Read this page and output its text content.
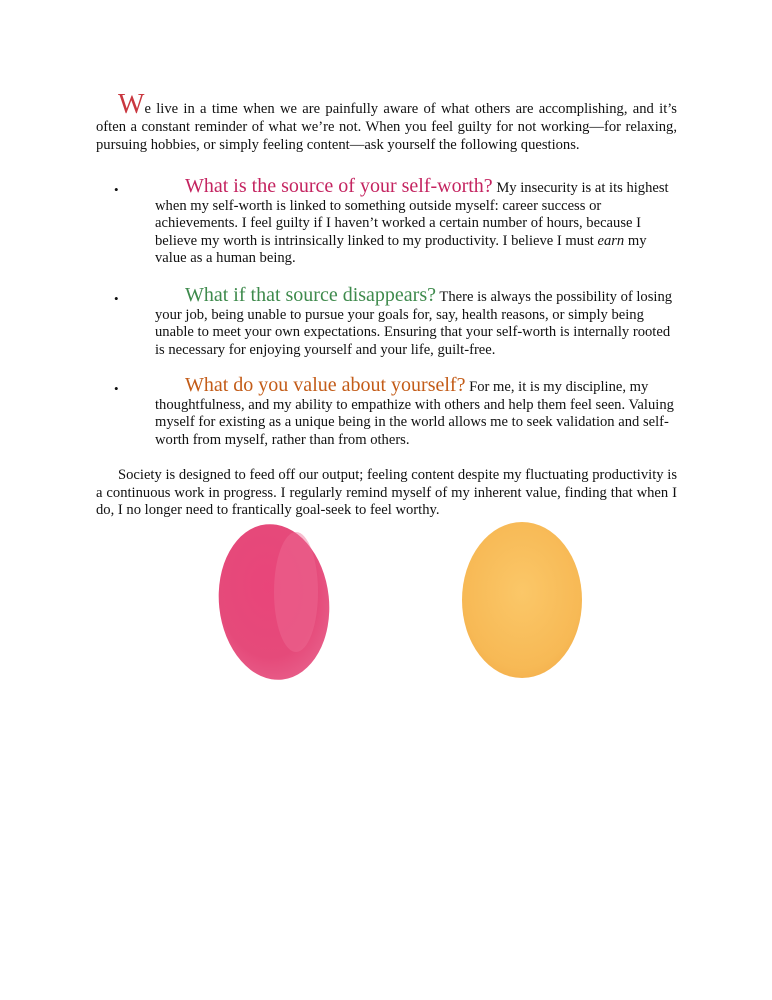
We live in a time when we are painfully aware of what others are accomplishing, and it’s often a constant reminder of what we’re not. When you feel guilty for not working—for relaxing, pursuing hobbies, or simply feeling content—ask yourself the following questions.

•	What is the source of your self-worth? My insecurity is at its highest when my self-worth is linked to something outside myself: career success or achievements. I feel guilty if I haven’t worked a certain number of hours, because I believe my worth is intrinsically linked to my productivity. I believe I must earn my value as a human being.
•	What if that source disappears? There is always the possibility of losing your job, being unable to pursue your goals for, say, health reasons, or simply being unable to meet your own expectations. Ensuring that your self-worth is internally rooted is necessary for enjoying yourself and your life, guilt-free.
•	What do you value about yourself? For me, it is my discipline, my thoughtfulness, and my ability to empathize with others and help them feel seen. Valuing myself for existing as a unique being in the world allows me to seek validation and self-worth from myself, rather than from others.

Society is designed to feed off our output; feeling content despite my fluctuating productivity is a continuous work in progress. I regularly remind myself of my inherent value, finding that when I do, I no longer need to frantically goal-seek to feel worthy.
